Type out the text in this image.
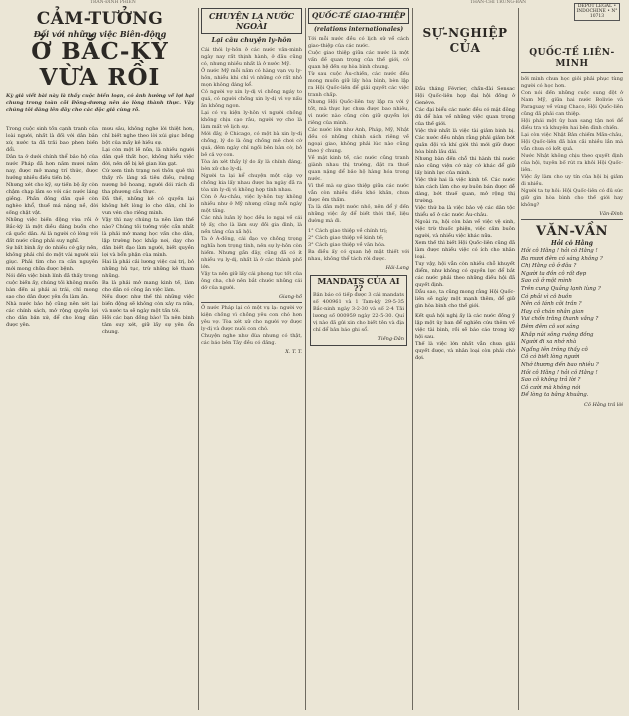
TRẦN-ĐÌNH PHIÊN	THẦN-CHÍ TRUNG-BÁN
DEPOT LEGAL • INDOCHINE • N° 10713
CẢM-TƯỞNG
Đối với những việc Biên-động
Ở BẮC-KỲ VỪA RỒI
Kỳ giả viết bài này là thấy cuộc biến loạn, có ảnh hưởng về lợi hại chung trong toàn cõi Đông-dương nên áo lòng thành thực. Vậy chúng tôi đăng lên đây cho các độc giả cùng rõ.
Trong cuộc sinh tồn cạnh tranh của loài người, nhất là đối với dân bản xứ, nước ta đã trải bao phen biến đổi.
Dân ta ở dưới chính thể bảo hộ của nước Pháp đã hơn năm mươi năm nay, được mở mang trí thức, được hưởng nhiều điều tiến bộ.
Nhưng xét cho kỹ, sự tiến bộ ấy còn chậm chạp lắm so với các nước láng giềng. Phần đông dân quê còn nghèo khổ, thuế má nặng nề, đời sống chật vật.
Những việc biến động vừa rồi ở Bắc-kỳ là một điều đáng buồn cho cả quốc dân. Ai là người có lòng với đất nước cũng phải suy nghĩ.
Sự bất bình ấy do nhiều cớ gây nên, không phải chỉ do một vài người xúi giục. Phải tìm cho ra căn nguyên mới mong chữa được bệnh.
Nói đến việc binh lính đã thấy trong cuộc biến ấy, chúng tôi không muốn bàn đến ai phải ai trái, chỉ mong sao cho dân được yên ổn làm ăn.
Nhà nước bảo hộ cũng nên xét lại các chính sách, mở rộng quyền lợi cho dân bản xứ, để cho lòng dân được yên.
mưu sâu, không nghe lời thiệt hơn, chỉ biết nghe theo lời xúi giục bồng bột của mấy kẻ hiếu sự.
Lại còn một lẽ nữa, là nhiều người dân quê thất học, không hiểu việc đời, nên dễ bị kẻ gian lừa gạt.
Cứ xem tình trạng nơi thôn quê thì thấy rõ: làng xã tiêu điều, ruộng nương bỏ hoang, người đói rách đi tha phương cầu thực.
Đã thế, những kẻ có quyền lại không hết lòng lo cho dân, chỉ lo vun vén cho riêng mình.
Vậy thì nay chúng ta nên làm thế nào? Chúng tôi tưởng việc cần nhất là phải mở mang học vấn cho dân, lập trường học khắp nơi, dạy cho dân biết đạo làm người, biết quyền lợi và bổn phận của mình.
Hai là phải cải lương việc cai trị, bỏ những hủ tục, trừ những kẻ tham nhũng.
Ba là phải mở mang kinh tế, làm cho dân có công ăn việc làm.
Nếu được như thế thì những việc biến động sẽ không còn xảy ra nữa, và nước ta sẽ ngày một tấn tới.
Hỡi các bạn đồng bào! Ta nên bình tâm suy xét, giữ lấy sự yên ổn chung.
CHUYỆN LẠ NƯỚC NGOÀI
Lại câu chuyện ly-hôn
Cái thói ly-hôn ở các nước văn-minh ngày nay rất thịnh hành, ở đâu cũng có, nhưng nhiều nhất là ở nước Mỹ.
Ở nước Mỹ mỗi năm có hàng vạn vụ ly-hôn, nhiều khi chỉ vì những cớ rất nhỏ mọn không đáng kể.
Có người vợ xin ly-dị vì chồng ngáy to quá, có người chồng xin ly-dị vì vợ nấu ăn không ngon.
Lại có vụ kiện ly-hôn vì người chồng không chịu cạo râu, người vợ cho là làm mất vẻ lịch sự.
Mới đây, ở Chicago, có một bà xin ly-dị chồng, lý do là ông chồng mê chơi cờ quá, đêm ngày chỉ ngồi bên bàn cờ, bỏ bê cả vợ con.
Tòa án xét thấy lý do ấy là chính đáng, bèn xử cho ly-dị.
Người ta lại kể chuyện một cặp vợ chồng kia lấy nhau được ba ngày đã ra tòa xin ly-dị vì không hợp tính nhau.
Còn ở Âu-châu, việc ly-hôn tuy không nhiều như ở Mỹ nhưng cũng mỗi ngày một tăng.
Các nhà luân lý học đều lo ngại về cái tệ ấy, cho là làm suy đồi gia đình, là nền tảng của xã hội.
Ta ở Á-đông, cái đạo vợ chồng trọng nghĩa hơn trọng tình, nên sự ly-hôn còn hiếm. Nhưng gần đây, cũng đã có ít nhiều vụ ly-dị, nhất là ở các thành phố lớn.
Vậy ta nên giữ lấy cái phong tục tốt của ông cha, chớ nên bắt chước những cái dở của người.
Giang-hồ
Ở nước Pháp lại có một vụ lạ: người vợ kiện chồng vì chồng yêu con chó hơn yêu vợ. Tòa xét xử cho người vợ được ly-dị và được nuôi con chó.
Chuyện nghe như đùa nhưng có thật, các báo bên Tây đều có đăng.
X. T. T.
QUỐC-TẾ GIAO-THIỆP
(relations internationales)
Tới mỗi nước đều có lịch sử về cách giao-thiệp của các nước.
Cuộc giao thiệp giữa các nước là một vấn đề quan trọng của thế giới, có quan hệ đến sự hòa bình chung.
Từ sau cuộc Âu-chiến, các nước đều mong muốn giữ lấy hòa bình, bèn lập ra Hội Quốc-liên để giải quyết các việc tranh chấp.
Nhưng Hội Quốc-liên tuy lập ra với ý tốt, mà thực lực chưa được bao nhiêu, vì nước nào cũng còn giữ quyền lợi riêng của mình.
Các nước lớn như Anh, Pháp, Mỹ, Nhật đều có những chính sách riêng về ngoại giao, không phải lúc nào cũng theo ý chung.
Về mặt kinh tế, các nước cũng tranh giành nhau thị trường, đặt ra thuế quan nặng để bảo hộ hàng hóa trong nước.
Vì thế mà sự giao thiệp giữa các nước vẫn còn nhiều điều khó khăn, chưa được êm thấm.
Ta là dân một nước nhỏ, nên để ý đến những việc ấy để biết thời thế, liệu đường mà đi.
1° Cách giao thiệp về chính trị;
2° Cách giao thiệp về kinh tế;
3° Cách giao thiệp về văn hóa.
Ba điều ấy có quan hệ mật thiết với nhau, không thể tách rời được.
Hải-Lang
MANDATS CỦA AI ??
Bản báo có tiếp được 3 cái mandats số 400961 và 1 Tam-kỳ 29-5-35 Bắc-ninh ngày 3-2-30 và số 2-4 Tải lương số 000959 ngày 22-5-30. Quí vị nào đã gửi xin cho biết tên và địa chỉ để bản báo ghi sổ.
Tiếng-Dân
SỰ-NGHIỆP CỦA
Đầu tháng Février, chấn-đài Sensac Hội Quốc-liên họp đại hội đồng ở Genève.
Các đại biểu các nước đều có mặt đông đủ để bàn về những việc quan trọng của thế giới.
Việc thứ nhất là việc tài giảm binh bị. Các nước đều nhận rằng phải giảm bớt quân đội và khí giới thì mới giữ được hòa bình lâu dài.
Nhưng bàn đến chỗ thi hành thì nước nào cũng viện cớ này cớ khác để giữ lấy binh lực của mình.
Việc thứ hai là việc kinh tế. Các nước bàn cách làm cho sự buôn bán được dễ dàng, bớt thuế quan, mở rộng thị trường.
Việc thứ ba là việc bảo vệ các dân tộc thiểu số ở các nước Âu-châu.
Ngoài ra, hội còn bàn về việc vệ sinh, việc trừ thuốc phiện, việc cấm buôn người, và nhiều việc khác nữa.
Xem thế thì biết Hội Quốc-liên cũng đã làm được nhiều việc có ích cho nhân loại.
Tuy vậy, hội vẫn còn nhiều chỗ khuyết điểm, như không có quyền lực để bắt các nước phải theo những điều hội đã quyết định.
Dẫu sao, ta cũng mong rằng Hội Quốc-liên sẽ ngày một mạnh thêm, để giữ gìn hòa bình cho thế giới.
Kết quả hội nghị ấy là các nước đồng ý lập một ủy ban để nghiên cứu thêm về việc tài binh, rồi sẽ báo cáo trong kỳ hội sau.
Thế là việc lớn nhất vẫn chưa giải quyết được, và nhân loại còn phải chờ đợi.
QUỐC-TẾ LIÊN-MINH
bởi mình chưa học giỏi phải phục tùng người có học hơn.
Con nói đến những cuộc sung đột ở Nam Mỹ, giữa hai nước Bolivie và Paraguay về vùng Chaco, Hội Quốc-liên cũng đã phải can thiệp.
Hội phái một ủy ban sang tận nơi để điều tra và khuyên hai bên đình chiến.
Lại còn việc Nhật Bản chiếm Mãn-châu, Hội Quốc-liên đã bàn cãi nhiều lần mà vẫn chưa có kết quả.
Nước Nhật không chịu theo quyết định của hội, tuyên bố rút ra khỏi Hội Quốc-liên.
Việc ấy làm cho uy tín của hội bị giảm đi nhiều.
Người ta tự hỏi: Hội Quốc-liên có đủ sức giữ gìn hòa bình cho thế giới hay không?
Văn-Đình
VĂN-VẦN
Hỏi cô Hằng
Hỏi cô Hằng ! hỏi cô Hằng !
Ba mươi đêm có sáng không ?
Chị Hằng cô ở đâu ?
Người ta đồn cô rất đẹp
Sao cô ở một mình
Trên cung Quảng lạnh lùng ?
Có phải vì cô buồn
Nên cô lánh cõi trần ?
Hay cô chán nhân gian
Vui chốn trăng thanh vắng ?
Đêm đêm cô soi sáng
Khắp núi sông ruộng đồng
Người đi xa nhớ nhà
Ngẩng lên trông thấy cô
Cô có biết lòng người
Nhớ thương đến bao nhiêu ?
Hỏi cô Hằng ! hỏi cô Hằng !
Sao cô không trả lời ?
Cô cười mà không nói
Để lòng ta bâng khuâng.
Cô Hằng trả lời
